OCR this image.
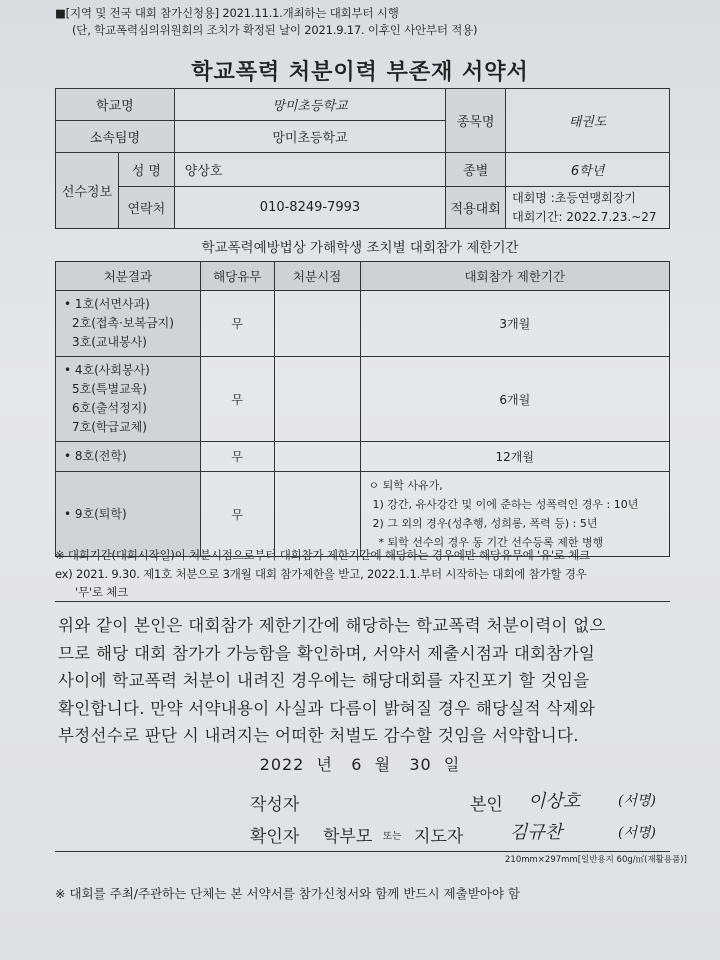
■[지역 및 전국 대회 참가신청용] 2021.11.1.개최하는 대회부터 시행
(단, 학교폭력심의위원회의 조치가 확정된 날이 2021.9.17. 이후인 사안부터 적용)
학교폭력 처분이력 부존재 서약서
학교명		망미초등학교	종목명	태권도
소속팀명		망미초등학교		
선수정보	성 명	양상호	종별	6학년
	연락처	010-8249-7993	적용대회	대회명 :초등연맹회장기
대회기간: 2022.7.23.~27
학교폭력예방법상 가해학생 조치별 대회참가 제한기간
처분결과	해당유무	처분시점	대회참가 제한기간

• 1호(서면사과)
2호(접촉·보복금지)
3호(교내봉사)	무		3개월

• 4호(사회봉사)
5호(특별교육)
6호(출석정지)
7호(학급교체)	무		6개월

• 8호(전학)	무		12개월

• 9호(퇴학)	무		ㅇ 퇴학 사유가,
1) 강간, 유사강간 및 이에 준하는 성폭력인 경우 : 10년
2) 그 외의 경우(성추행, 성희롱, 폭력 등) : 5년
* 퇴학 선수의 경우 동 기간 선수등록 제한 병행
※ 대회기간(대회시작일)이 처분시점으로부터 대회참가 제한기간에 해당하는 경우에만 해당유무에 '유'로 체크
ex) 2021. 9.30. 제1호 처분으로 3개월 대회 참가제한을 받고, 2022.1.1.부터 시작하는 대회에 참가할 경우
'무'로 체크
위와 같이 본인은 대회참가 제한기간에 해당하는 학교폭력 처분이력이 없으
므로 해당 대회 참가가 가능함을 확인하며, 서약서 제출시점과 대회참가일
사이에 학교폭력 처분이 내려진 경우에는 해당대회를 자진포기 할 것임을
확인합니다. 만약 서약내용이 사실과 다름이 밝혀질 경우 해당실적 삭제와
부정선수로 판단 시 내려지는 어떠한 처벌도 감수할 것임을 서약합니다.
2022 년 6 월 30 일
작성자	본인 이상호	(서명)
확인자 학부모 또는 지도자	김규찬	(서명)
210mm×297mm[일반용지 60g/㎡(재활용품)]
※ 대회를 주최/주관하는 단체는 본 서약서를 참가신청서와 함께 반드시 제출받아야 함
